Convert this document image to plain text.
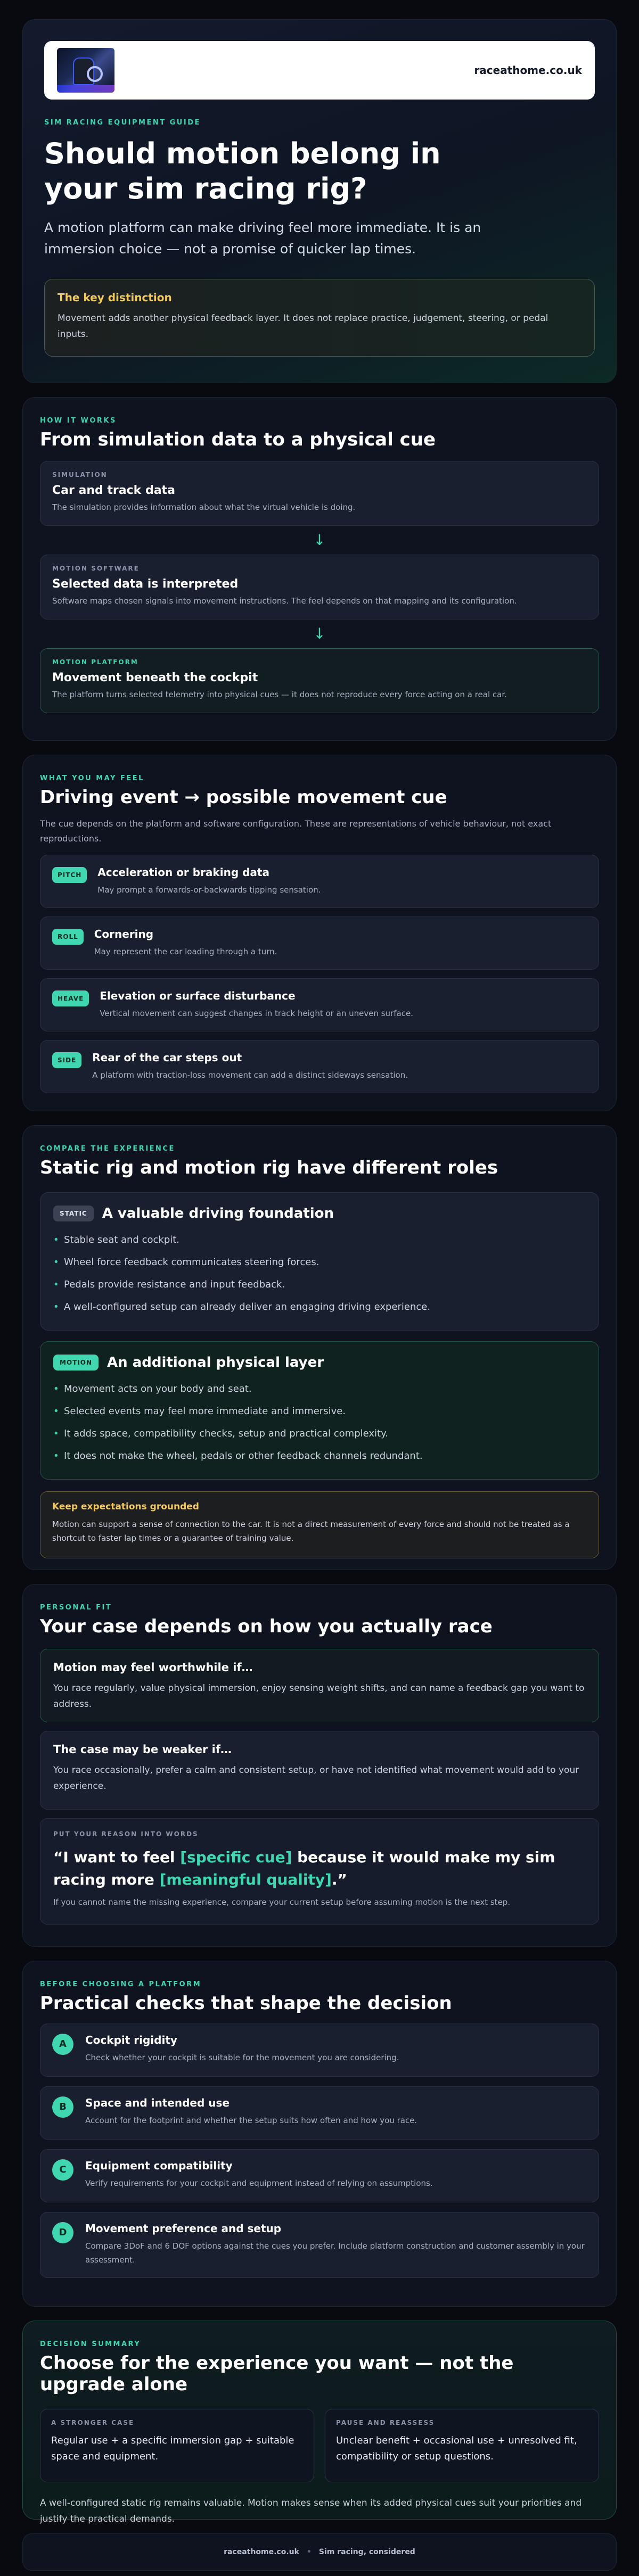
raceathome.co.uk
SIM RACING EQUIPMENT GUIDE
Should motion belong in your sim racing rig?

A motion platform can make driving feel more immediate. It is an immersion choice — not a promise of quicker lap times.

The key distinction
Movement adds another physical feedback layer. It does not replace practice, judgement, steering, or pedal inputs.
HOW IT WORKS
From simulation data to a physical cue
SIMULATION
Car and track data
The simulation provides information about what the virtual vehicle is doing.
↓
MOTION SOFTWARE
Selected data is interpreted
Software maps chosen signals into movement instructions. The feel depends on that mapping and its configuration.
↓
MOTION PLATFORM
Movement beneath the cockpit
The platform turns selected telemetry into physical cues — it does not reproduce every force acting on a real car.
WHAT YOU MAY FEEL
Driving event → possible movement cue

The cue depends on the platform and software configuration. These are representations of vehicle behaviour, not exact reproductions.

PITCH	Acceleration or braking data
May prompt a forwards-or-backwards tipping sensation.
ROLL	Cornering
May represent the car loading through a turn.
HEAVE	Elevation or surface disturbance
Vertical movement can suggest changes in track height or an uneven surface.
SIDE	Rear of the car steps out
A platform with traction-loss movement can add a distinct sideways sensation.
COMPARE THE EXPERIENCE
Static rig and motion rig have different roles
STATIC	A valuable driving foundation
• Stable seat and cockpit.
• Wheel force feedback communicates steering forces.
• Pedals provide resistance and input feedback.
• A well-configured setup can already deliver an engaging driving experience.
MOTION	An additional physical layer
• Movement acts on your body and seat.
• Selected events may feel more immediate and immersive.
• It adds space, compatibility checks, setup and practical complexity.
• It does not make the wheel, pedals or other feedback channels redundant.
Keep expectations grounded
Motion can support a sense of connection to the car. It is not a direct measurement of every force and should not be treated as a shortcut to faster lap times or a guarantee of training value.
PERSONAL FIT
Your case depends on how you actually race
Motion may feel worthwhile if…
You race regularly, value physical immersion, enjoy sensing weight shifts, and can name a feedback gap you want to address.
The case may be weaker if…
You race occasionally, prefer a calm and consistent setup, or have not identified what movement would add to your experience.
PUT YOUR REASON INTO WORDS
“I want to feel [specific cue] because it would make my sim racing more [meaningful quality].”
If you cannot name the missing experience, compare your current setup before assuming motion is the next step.
BEFORE CHOOSING A PLATFORM
Practical checks that shape the decision
A	Cockpit rigidity
Check whether your cockpit is suitable for the movement you are considering.
B	Space and intended use
Account for the footprint and whether the setup suits how often and how you race.
C	Equipment compatibility
Verify requirements for your cockpit and equipment instead of relying on assumptions.
D	Movement preference and setup
Compare 3DoF and 6 DOF options against the cues you prefer. Include platform construction and customer assembly in your assessment.
DECISION SUMMARY
Choose for the experience you want — not the upgrade alone
A STRONGER CASE
Regular use + a specific immersion gap + suitable space and equipment.
PAUSE AND REASSESS
Unclear benefit + occasional use + unresolved fit, compatibility or setup questions.
A well-configured static rig remains valuable. Motion makes sense when its added physical cues suit your priorities and justify the practical demands.
raceathome.co.uk • Sim racing, considered
